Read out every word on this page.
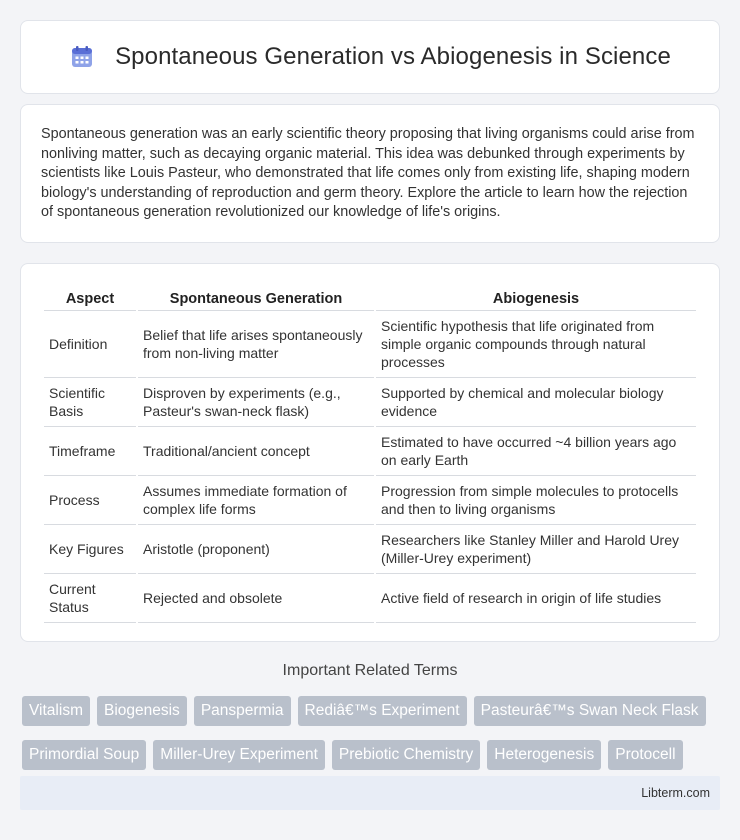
Spontaneous Generation vs Abiogenesis in Science

Spontaneous generation was an early scientific theory proposing that living organisms could arise from nonliving matter, such as decaying organic material. This idea was debunked through experiments by scientists like Louis Pasteur, who demonstrated that life comes only from existing life, shaping modern biology's understanding of reproduction and germ theory. Explore the article to learn how the rejection of spontaneous generation revolutionized our knowledge of life's origins.

Aspect	Spontaneous Generation	Abiogenesis
Definition	Belief that life arises spontaneously from non-living matter	Scientific hypothesis that life originated from simple organic compounds through natural processes
Scientific Basis	Disproven by experiments (e.g., Pasteur's swan-neck flask)	Supported by chemical and molecular biology evidence
Timeframe	Traditional/ancient concept	Estimated to have occurred ~4 billion years ago on early Earth
Process	Assumes immediate formation of complex life forms	Progression from simple molecules to protocells and then to living organisms
Key Figures	Aristotle (proponent)	Researchers like Stanley Miller and Harold Urey (Miller-Urey experiment)
Current Status	Rejected and obsolete	Active field of research in origin of life studies
Important Related Terms
Vitalism	Biogenesis	Panspermia	Rediâ€™s Experiment	Pasteurâ€™s Swan Neck Flask
Primordial Soup	Miller-Urey Experiment	Prebiotic Chemistry	Heterogenesis	Protocell
Libterm.com
